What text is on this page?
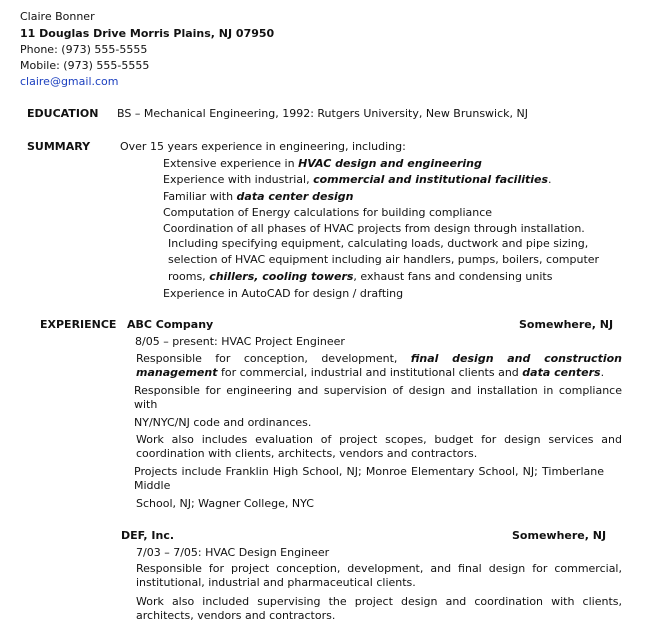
Claire Bonner
11 Douglas Drive Morris Plains, NJ 07950
Phone: (973) 555-5555
Mobile: (973) 555-5555
claire@gmail.com
EDUCATION BS – Mechanical Engineering, 1992: Rutgers University, New Brunswick, NJ
SUMMARY	Over 15 years experience in engineering, including:
Extensive experience in HVAC design and engineering
Experience with industrial, commercial and institutional facilities.
Familiar with data center design
Computation of Energy calculations for building compliance
Coordination of all phases of HVAC projects from design through installation.
Including specifying equipment, calculating loads, ductwork and pipe sizing,
selection of HVAC equipment including air handlers, pumps, boilers, computer
rooms, chillers, cooling towers, exhaust fans and condensing units
Experience in AutoCAD for design / drafting
EXPERIENCE ABC Company	Somewhere, NJ
8/05 – present: HVAC Project Engineer
Responsible for conception, development, final design and construction management for commercial, industrial and institutional clients and data centers.
Responsible for engineering and supervision of design and installation in compliance with
NY/NYC/NJ code and ordinances.
Work also includes evaluation of project scopes, budget for design services and coordination with clients, architects, vendors and contractors.
Projects include Franklin High School, NJ; Monroe Elementary School, NJ; Timberlane Middle
School, NJ; Wagner College, NYC
DEF, Inc.	Somewhere, NJ
7/03 – 7/05: HVAC Design Engineer
Responsible for project conception, development, and final design for commercial, institutional, industrial and pharmaceutical clients.
Work also included supervising the project design and coordination with clients, architects, vendors and contractors.
